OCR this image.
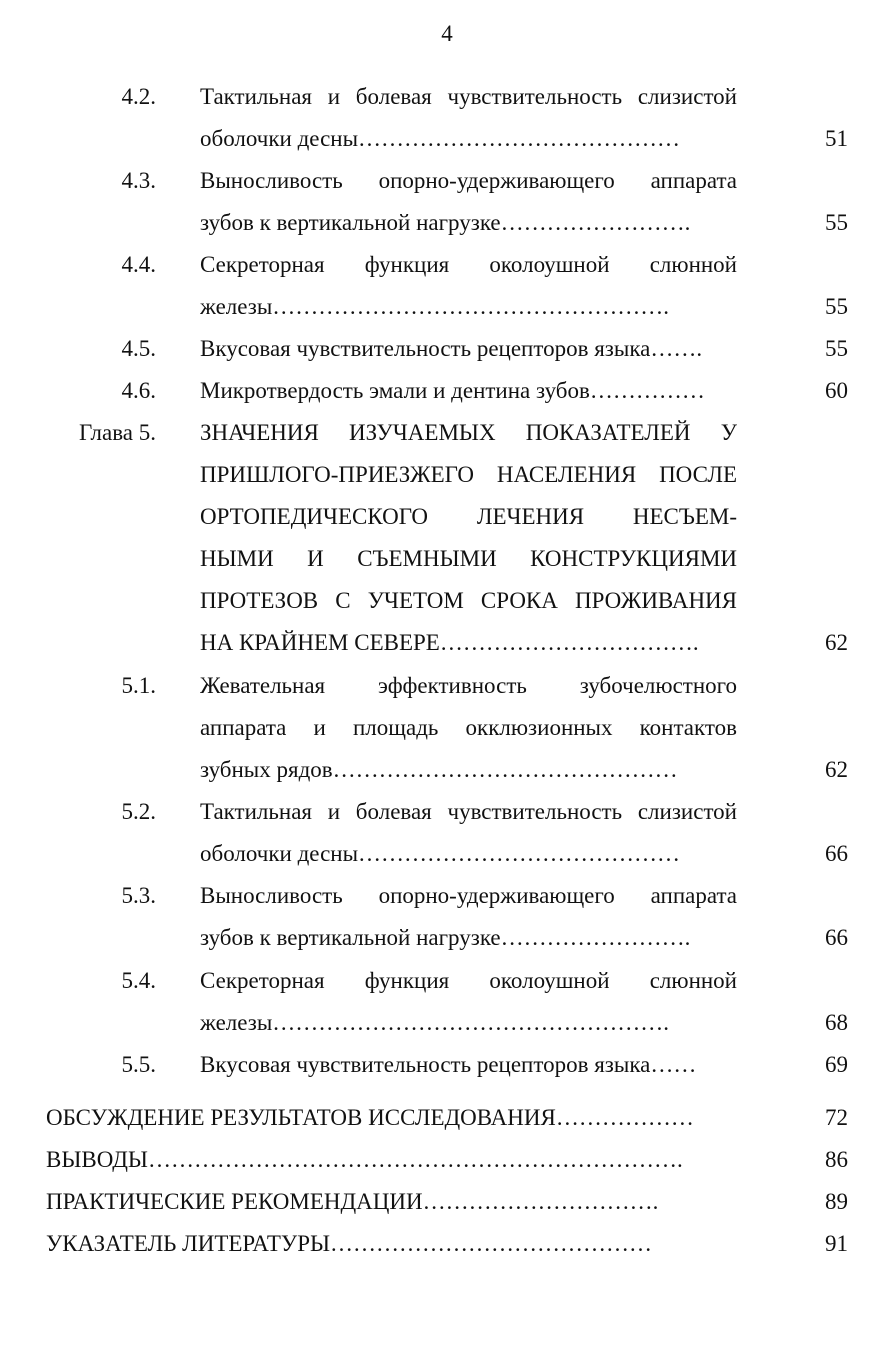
4
4.2. Тактильная и болевая чувствительность слизистой
оболочки десны……………………………………	51
4.3. Выносливость опорно-удерживающего аппарата
зубов к вертикальной нагрузке…………………….	55
4.4. Секреторная функция околоушной слюнной
железы…………………………………………….	55
4.5. Вкусовая чувствительность рецепторов языка…….	55
4.6. Микротвердость эмали и дентина зубов……………	60
Глава 5. ЗНАЧЕНИЯ ИЗУЧАЕМЫХ ПОКАЗАТЕЛЕЙ У
ПРИШЛОГО-ПРИЕЗЖЕГО НАСЕЛЕНИЯ ПОСЛЕ
ОРТОПЕДИЧЕСКОГО ЛЕЧЕНИЯ НЕСЪЕМ-
НЫМИ И СЪЕМНЫМИ КОНСТРУКЦИЯМИ
ПРОТЕЗОВ С УЧЕТОМ СРОКА ПРОЖИВАНИЯ
НА КРАЙНЕМ СЕВЕРЕ…………………………….	62
5.1. Жевательная эффективность зубочелюстного
аппарата и площадь окклюзионных контактов
зубных рядов………………………………………	62
5.2. Тактильная и болевая чувствительность слизистой
оболочки десны……………………………………	66
5.3. Выносливость опорно-удерживающего аппарата
зубов к вертикальной нагрузке…………………….	66
5.4. Секреторная функция околоушной слюнной
железы…………………………………………….	68
5.5. Вкусовая чувствительность рецепторов языка……	69
ОБСУЖДЕНИЕ РЕЗУЛЬТАТОВ ИССЛЕДОВАНИЯ………………	72
ВЫВОДЫ…………………………………………………………….	86
ПРАКТИЧЕСКИЕ РЕКОМЕНДАЦИИ………………………….	89
УКАЗАТЕЛЬ ЛИТЕРАТУРЫ……………………………………	91
